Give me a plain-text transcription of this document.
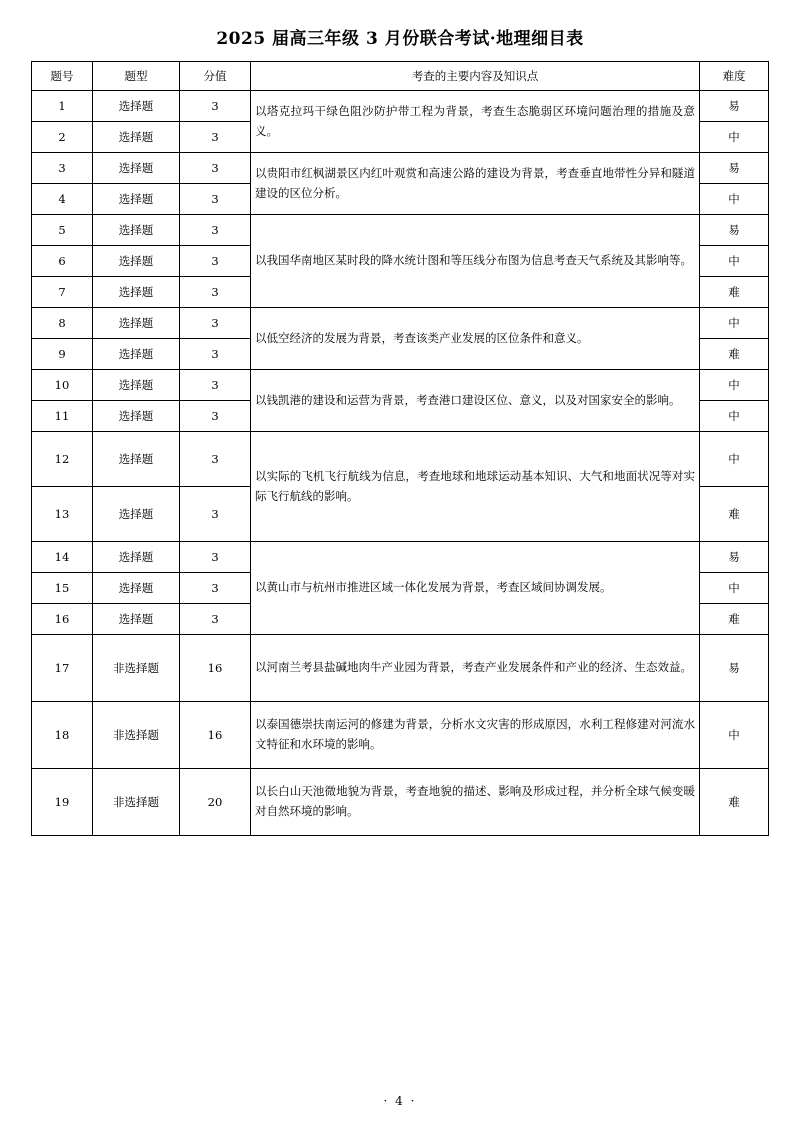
2025 届高三年级 3 月份联合考试·地理细目表
题号	题型	分值	考查的主要内容及知识点	难度
1	选择题	3	以塔克拉玛干绿色阻沙防护带工程为背景，考查生态脆弱区环境问题治理的措施及意义。	易
2	选择题	3		中
3	选择题	3	以贵阳市红枫湖景区内红叶观赏和高速公路的建设为背景，考查垂直地带性分异和隧道建设的区位分析。	易
4	选择题	3		中
5	选择题	3	以我国华南地区某时段的降水统计图和等压线分布图为信息考查天气系统及其影响等。	易
6	选择题	3		中
7	选择题	3		难
8	选择题	3	以低空经济的发展为背景，考查该类产业发展的区位条件和意义。	中
9	选择题	3		难
10	选择题	3	以钱凯港的建设和运营为背景，考查港口建设区位、意义，以及对国家安全的影响。	中
11	选择题	3		中
12	选择题	3	以实际的飞机飞行航线为信息，考查地球和地球运动基本知识、大气和地面状况等对实际飞行航线的影响。	中
13	选择题	3		难
14	选择题	3	以黄山市与杭州市推进区域一体化发展为背景，考查区域间协调发展。	易
15	选择题	3		中
16	选择题	3		难
17	非选择题	16	以河南兰考县盐碱地肉牛产业园为背景，考查产业发展条件和产业的经济、生态效益。	易
18	非选择题	16	以泰国德崇扶南运河的修建为背景，分析水文灾害的形成原因，水利工程修建对河流水文特征和水环境的影响。	中
19	非选择题	20	以长白山天池微地貌为背景，考查地貌的描述、影响及形成过程，并分析全球气候变暖对自然环境的影响。	难
· 4 ·
